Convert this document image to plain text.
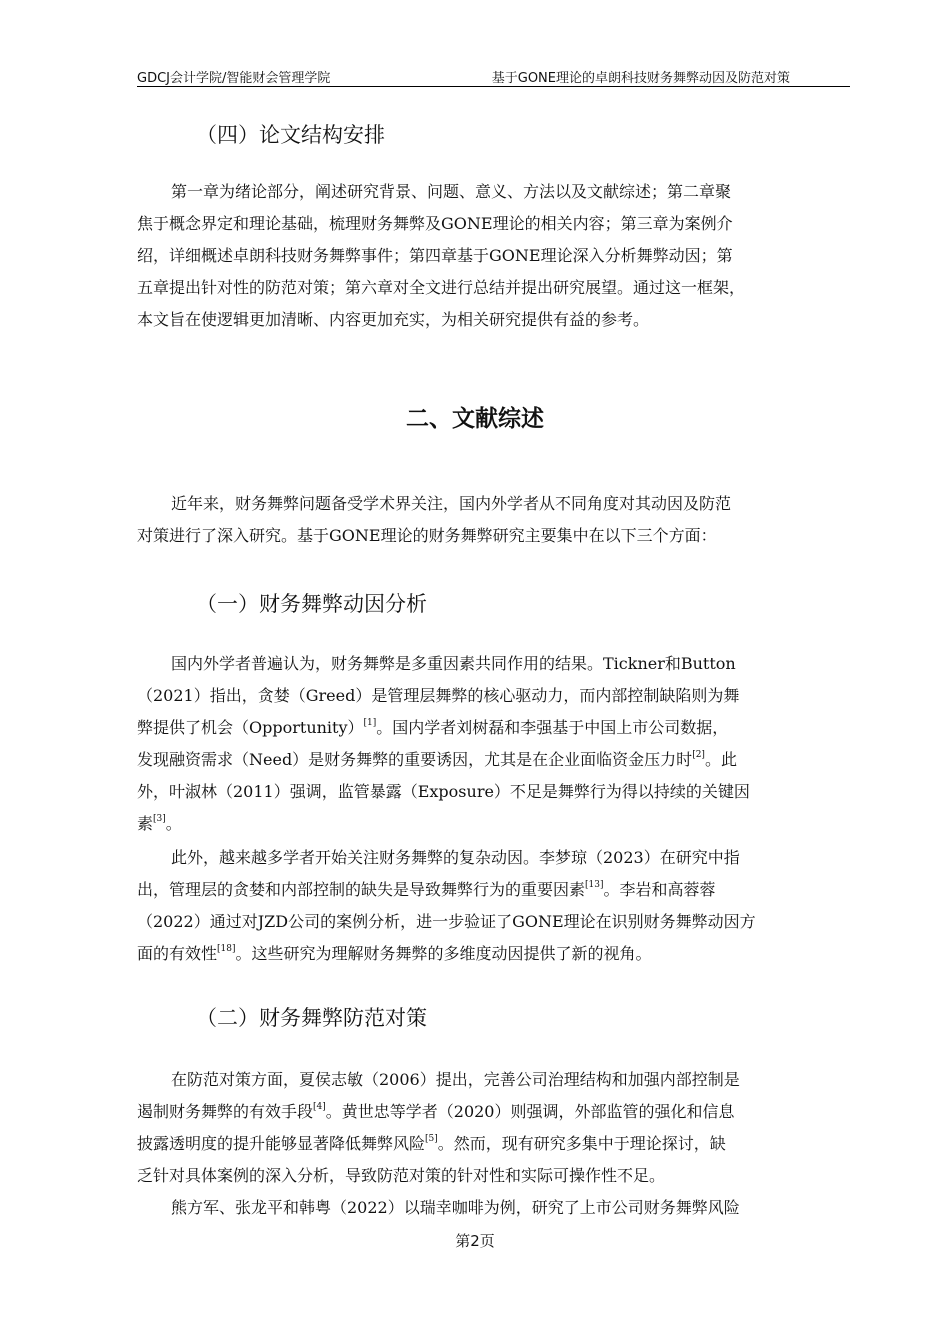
GDCJ会计学院/智能财会管理学院	基于GONE理论的卓朗科技财务舞弊动因及防范对策
（四）论文结构安排
第一章为绪论部分，阐述研究背景、问题、意义、方法以及文献综述；第二章聚
焦于概念界定和理论基础，梳理财务舞弊及GONE理论的相关内容；第三章为案例介
绍，详细概述卓朗科技财务舞弊事件；第四章基于GONE理论深入分析舞弊动因；第
五章提出针对性的防范对策；第六章对全文进行总结并提出研究展望。通过这一框架，
本文旨在使逻辑更加清晰、内容更加充实，为相关研究提供有益的参考。
二、文献综述
近年来，财务舞弊问题备受学术界关注，国内外学者从不同角度对其动因及防范
对策进行了深入研究。基于GONE理论的财务舞弊研究主要集中在以下三个方面：
（一）财务舞弊动因分析
国内外学者普遍认为，财务舞弊是多重因素共同作用的结果。Tickner和Button
（2021）指出，贪婪（Greed）是管理层舞弊的核心驱动力，而内部控制缺陷则为舞
弊提供了机会（Opportunity）[1]。国内学者刘树磊和李强基于中国上市公司数据，
发现融资需求（Need）是财务舞弊的重要诱因，尤其是在企业面临资金压力时[2]。此
外，叶淑林（2011）强调，监管暴露（Exposure）不足是舞弊行为得以持续的关键因
素[3]。
此外，越来越多学者开始关注财务舞弊的复杂动因。李梦琼（2023）在研究中指
出，管理层的贪婪和内部控制的缺失是导致舞弊行为的重要因素[13]。李岩和高蓉蓉
（2022）通过对JZD公司的案例分析，进一步验证了GONE理论在识别财务舞弊动因方
面的有效性[18]。这些研究为理解财务舞弊的多维度动因提供了新的视角。
（二）财务舞弊防范对策
在防范对策方面，夏侯志敏（2006）提出，完善公司治理结构和加强内部控制是
遏制财务舞弊的有效手段[4]。黄世忠等学者（2020）则强调，外部监管的强化和信息
披露透明度的提升能够显著降低舞弊风险[5]。然而，现有研究多集中于理论探讨，缺
乏针对具体案例的深入分析，导致防范对策的针对性和实际可操作性不足。
熊方军、张龙平和韩粤（2022）以瑞幸咖啡为例，研究了上市公司财务舞弊风险
第2页
